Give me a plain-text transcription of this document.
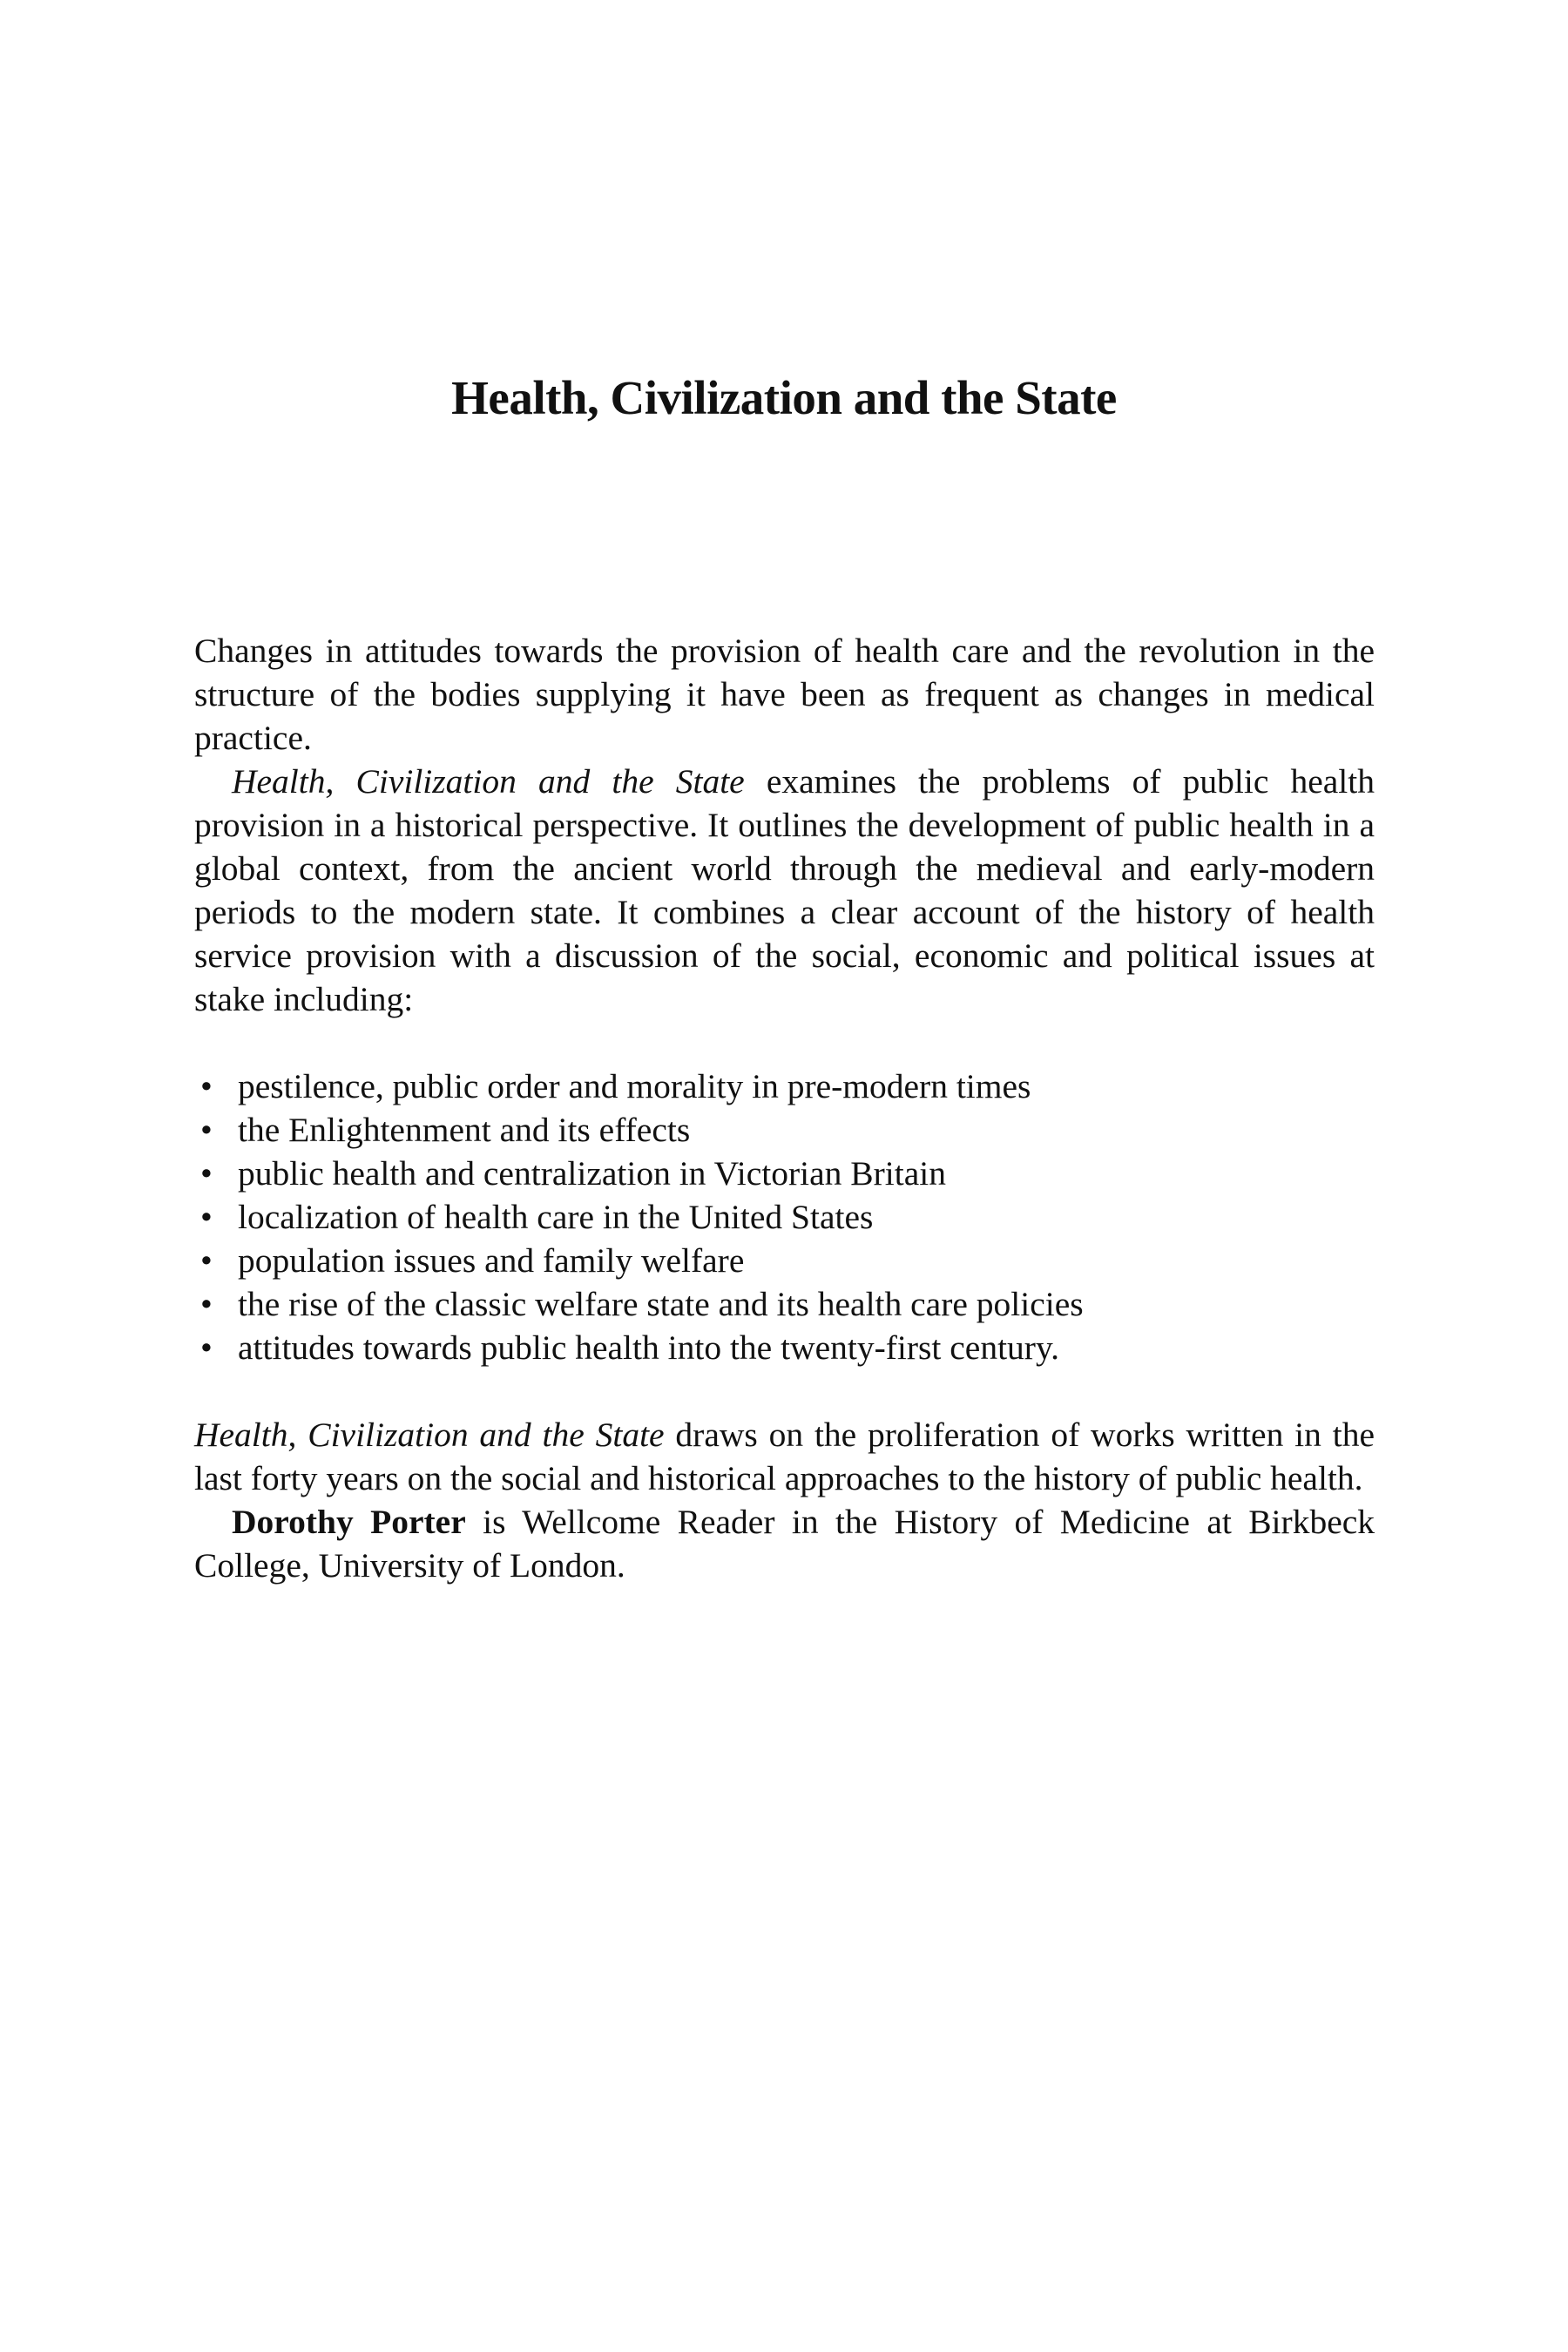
Health, Civilization and the State

Changes in attitudes towards the provision of health care and the revolution in the structure of the bodies supplying it have been as frequent as changes in medical practice.

Health, Civilization and the State examines the problems of public health provision in a historical perspective. It outlines the development of public health in a global context, from the ancient world through the medieval and early-modern periods to the modern state. It combines a clear account of the history of health service provision with a discussion of the social, economic and political issues at stake including:

• pestilence, public order and morality in pre-modern times
• the Enlightenment and its effects
• public health and centralization in Victorian Britain
• localization of health care in the United States
• population issues and family welfare
• the rise of the classic welfare state and its health care policies
• attitudes towards public health into the twenty-first century.

Health, Civilization and the State draws on the proliferation of works written in the last forty years on the social and historical approaches to the history of public health.

Dorothy Porter is Wellcome Reader in the History of Medicine at Birkbeck College, University of London.
